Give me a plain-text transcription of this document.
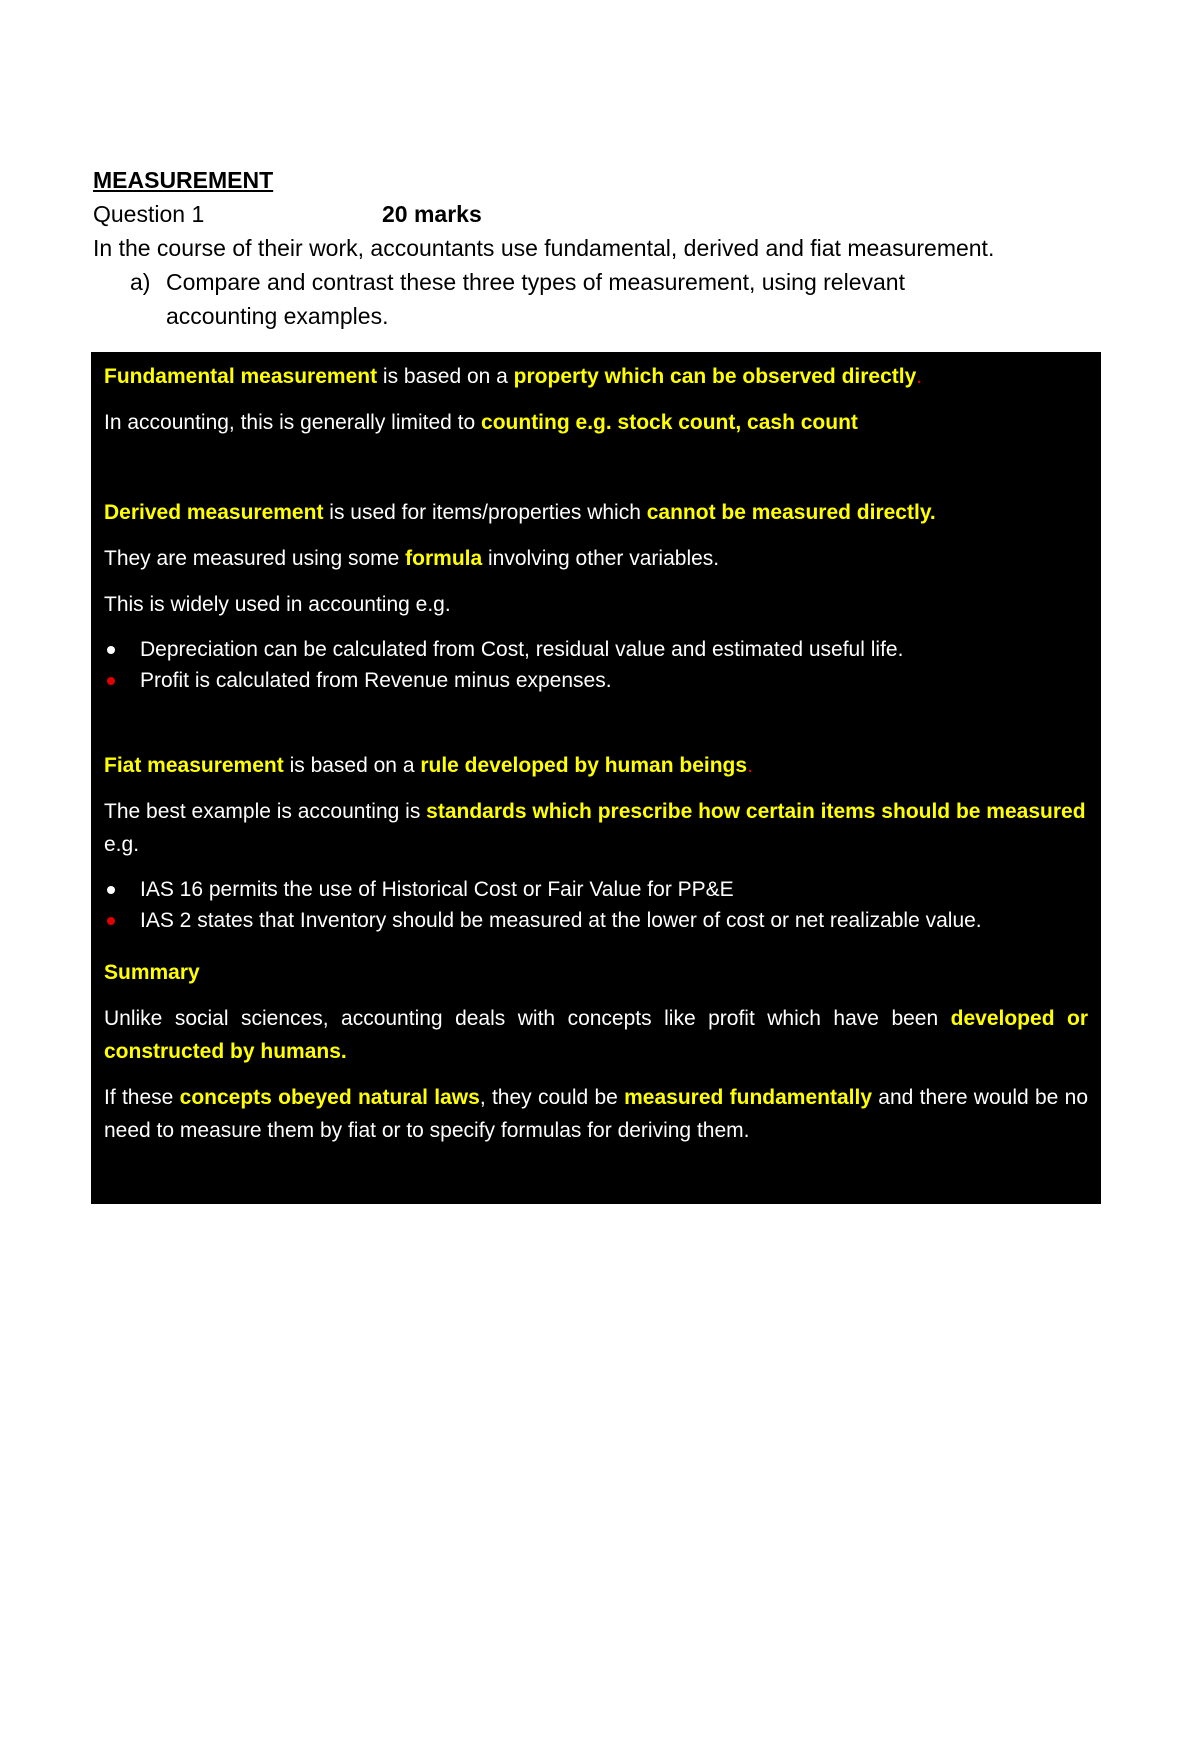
MEASUREMENT
Question 1	20 marks
In the course of their work, accountants use fundamental, derived and fiat measurement.
a) Compare and contrast these three types of measurement, using relevant accounting examples.

Fundamental measurement is based on a property which can be observed directly.

In accounting, this is generally limited to counting e.g. stock count, cash count

Derived measurement is used for items/properties which cannot be measured directly.

They are measured using some formula involving other variables.

This is widely used in accounting e.g.

Depreciation can be calculated from Cost, residual value and estimated useful life.
Profit is calculated from Revenue minus expenses.

Fiat measurement is based on a rule developed by human beings.

The best example is accounting is standards which prescribe how certain items should be measured e.g.

IAS 16 permits the use of Historical Cost or Fair Value for PP&E
IAS 2 states that Inventory should be measured at the lower of cost or net realizable value.

Summary

Unlike social sciences, accounting deals with concepts like profit which have been developed or constructed by humans.

If these concepts obeyed natural laws, they could be measured fundamentally and there would be no need to measure them by fiat or to specify formulas for deriving them.
